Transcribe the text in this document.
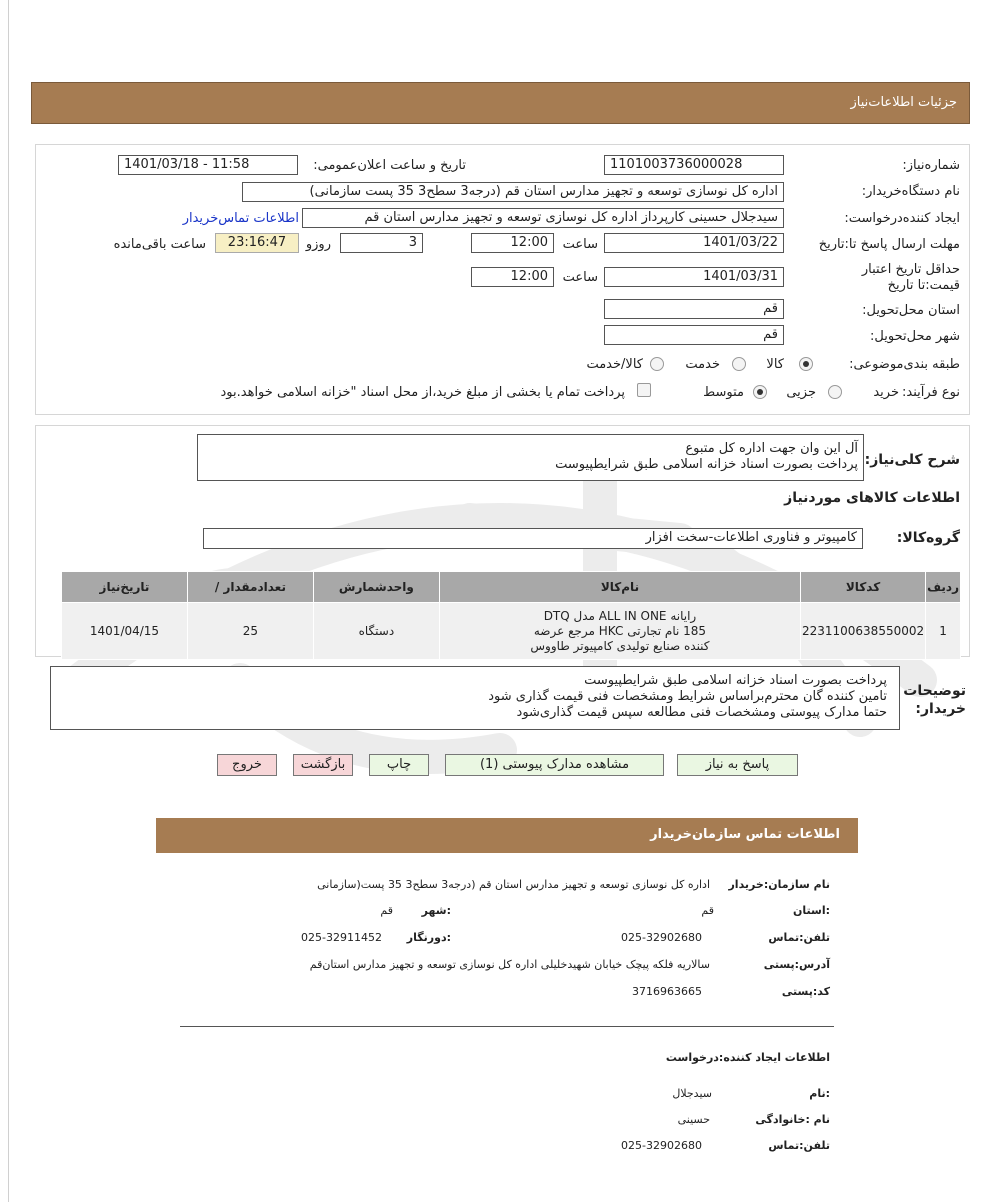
جزئیات اطلاعات‌نیاز
شماره‌نیاز:
1101003736000028
تاریخ و ساعت اعلان‌عمومی:
1401/03/18 - 11:58
نام دستگاه‌خریدار:
اداره کل نوسازی توسعه و تجهیز مدارس استان قم (درجه3 سطح3 35 پست سازمانی)
ایجاد کننده‌درخواست:
سیدجلال حسینی کارپرداز اداره کل نوسازی توسعه و تجهیز مدارس استان قم
اطلاعات تماس‌خریدار
مهلت ارسال پاسخ تا:تاریخ
1401/03/22
ساعت
12:00
3
روزو
23:16:47
ساعت باقی‌مانده
حداقل تاریخ اعتبار قیمت:تا تاریخ
1401/03/31
ساعت
12:00
استان محل‌تحویل:
قم
شهر محل‌تحویل:
قم
طبقه بندی‌موضوعی:
کالا
خدمت
کالا/خدمت
نوع فرآیند:
خرید
جزیی
متوسط
پرداخت تمام یا بخشی از مبلغ خرید،از محل اسناد "خزانه اسلامی خواهد.بود
شرح کلی‌نیاز:
آل این وان جهت اداره کل متبوع
پرداخت بصورت اسناد خزانه اسلامی طبق شرایطپیوست
اطلاعات کالاهای موردنیاز
گروه‌کالا:
کامپیوتر و فناوری اطلاعات-سخت افزار
ردیف	کدکالا	نام‌کالا	واحدشمارش	تعدادمقدار /	تاریخ‌نیاز
1	2231100638550002	رایانه ALL IN ONE مدل DTQ
185 نام تجارتی HKC مرجع عرضه
کننده صنایع تولیدی کامپیوتر طاووس	دستگاه	25	1401/04/15
توضیحات خریدار:
پرداخت بصورت اسناد خزانه اسلامی طبق شرایطپیوست
تامین کننده گان محترم‌براساس شرایط و‌مشخصات فنی قیمت گذاری شود
حتما مدارک پیوستی و‌مشخصات فنی مطالعه سپس قیمت گذاری‌شود
پاسخ به نیاز
مشاهده مدارک پیوستی (1)
چاپ
بازگشت
خروج
اطلاعات تماس سازمان‌خریدار
نام سازمان‌:خریدار
اداره کل نوسازی توسعه و تجهیز مدارس استان قم (درجه3 سطح3 35 پست(سازمانی
:استان
قم
:شهر
قم
تلفن‌:تماس
025-32902680
:دورنگار
025-32911452
آدرس‌:پستی
سالاریه فلکه پیچک خیابان شهیدخلیلی اداره کل نوسازی توسعه و تجهیز مدارس استان‌قم
کد‌:پستی
3716963665
اطلاعات ایجاد کننده‌:درخواست
:نام
سیدجلال
نام :خانوادگی
حسینی
تلفن‌:تماس
025-32902680
